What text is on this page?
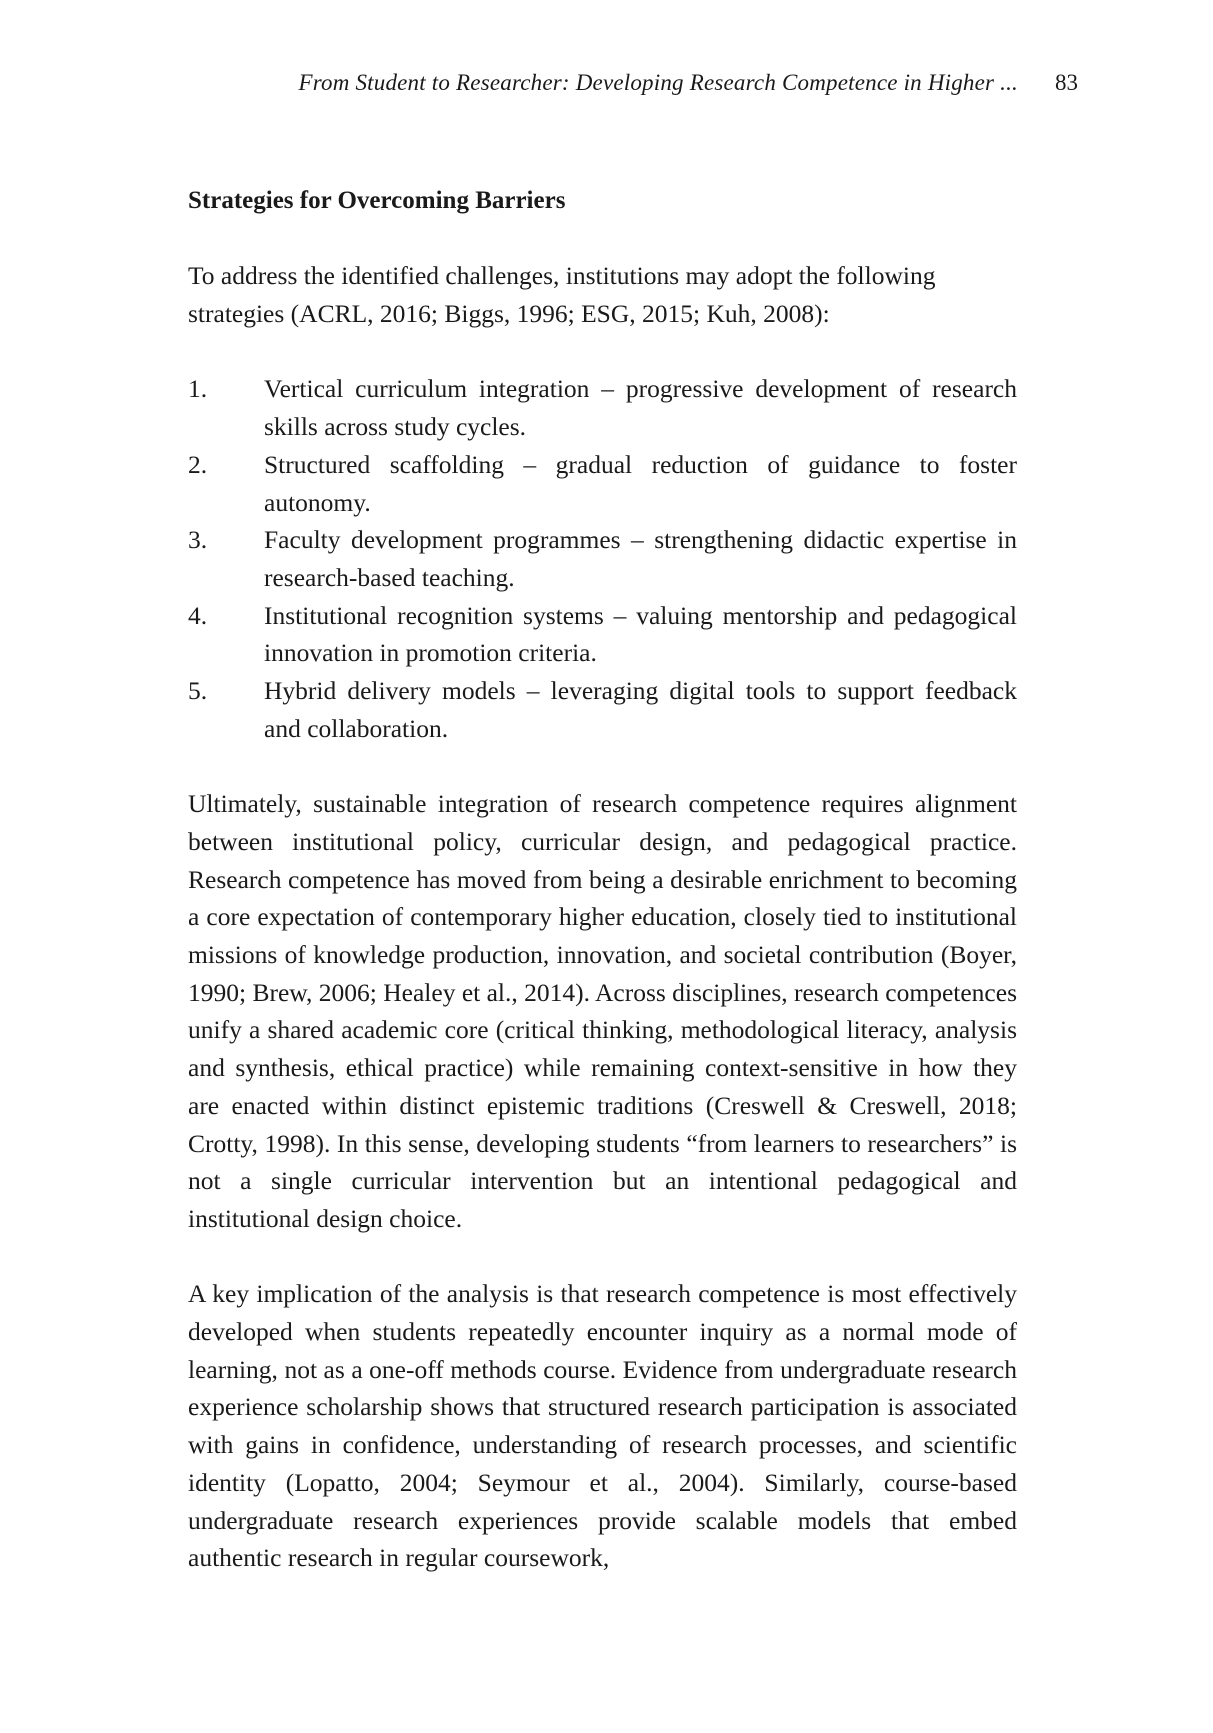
From Student to Researcher: Developing Research Competence in Higher ... 83
Strategies for Overcoming Barriers

To address the identified challenges, institutions may adopt the following strategies (ACRL, 2016; Biggs, 1996; ESG, 2015; Kuh, 2008):

1.	Vertical curriculum integration – progressive development of research skills across study cycles.
2.	Structured scaffolding – gradual reduction of guidance to foster autonomy.
3.	Faculty development programmes – strengthening didactic expertise in research-based teaching.
4.	Institutional recognition systems – valuing mentorship and pedagogical innovation in promotion criteria.
5.	Hybrid delivery models – leveraging digital tools to support feedback and collaboration.

Ultimately, sustainable integration of research competence requires alignment between institutional policy, curricular design, and pedagogical practice. Research competence has moved from being a desirable enrichment to becoming a core expectation of contemporary higher education, closely tied to institutional missions of knowledge production, innovation, and societal contribution (Boyer, 1990; Brew, 2006; Healey et al., 2014). Across disciplines, research competences unify a shared academic core (critical thinking, methodological literacy, analysis and synthesis, ethical practice) while remaining context-sensitive in how they are enacted within distinct epistemic traditions (Creswell & Creswell, 2018; Crotty, 1998). In this sense, developing students “from learners to researchers” is not a single curricular intervention but an intentional pedagogical and institutional design choice.

A key implication of the analysis is that research competence is most effectively developed when students repeatedly encounter inquiry as a normal mode of learning, not as a one-off methods course. Evidence from undergraduate research experience scholarship shows that structured research participation is associated with gains in confidence, understanding of research processes, and scientific identity (Lopatto, 2004; Seymour et al., 2004). Similarly, course-based undergraduate research experiences provide scalable models that embed authentic research in regular coursework,
